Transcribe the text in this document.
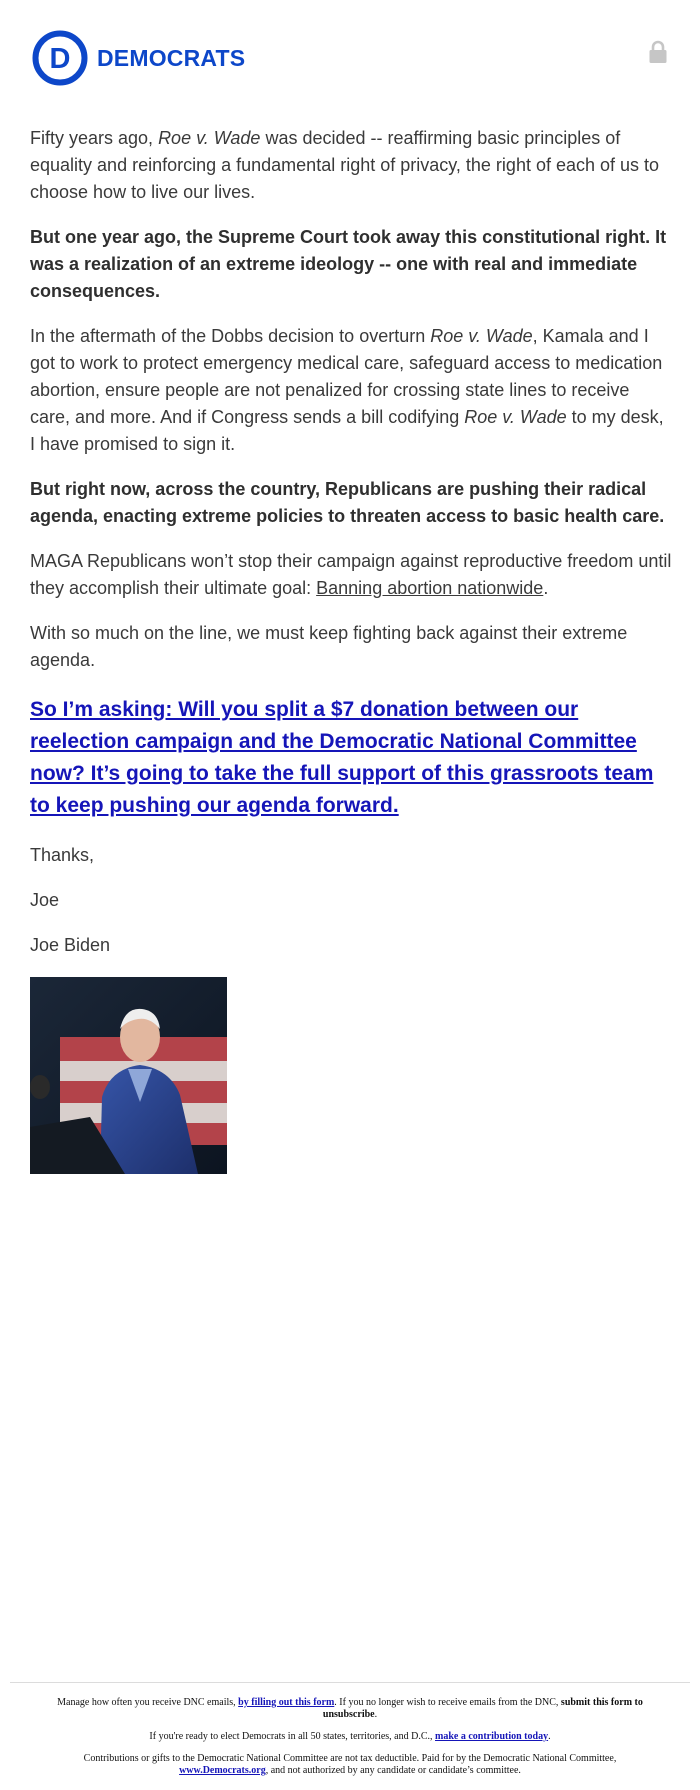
D DEMOCRATS

Fifty years ago, Roe v. Wade was decided -- reaffirming basic principles of equality and reinforcing a fundamental right of privacy, the right of each of us to choose how to live our lives.

But one year ago, the Supreme Court took away this constitutional right. It was a realization of an extreme ideology -- one with real and immediate consequences.

In the aftermath of the Dobbs decision to overturn Roe v. Wade, Kamala and I got to work to protect emergency medical care, safeguard access to medication abortion, ensure people are not penalized for crossing state lines to receive care, and more. And if Congress sends a bill codifying Roe v. Wade to my desk, I have promised to sign it.

But right now, across the country, Republicans are pushing their radical agenda, enacting extreme policies to threaten access to basic health care.

MAGA Republicans won’t stop their campaign against reproductive freedom until they accomplish their ultimate goal: Banning abortion nationwide.

With so much on the line, we must keep fighting back against their extreme agenda.

So I’m asking: Will you split a $7 donation between our reelection campaign and the Democratic National Committee now? It’s going to take the full support of this grassroots team to keep pushing our agenda forward.

Thanks,

Joe

Joe Biden

Manage how often you receive DNC emails, by filling out this form. If you no longer wish to receive emails from the DNC, submit this form to unsubscribe.

If you're ready to elect Democrats in all 50 states, territories, and D.C., make a contribution today.

Contributions or gifts to the Democratic National Committee are not tax deductible. Paid for by the Democratic National Committee, www.Democrats.org, and not authorized by any candidate or candidate’s committee.
